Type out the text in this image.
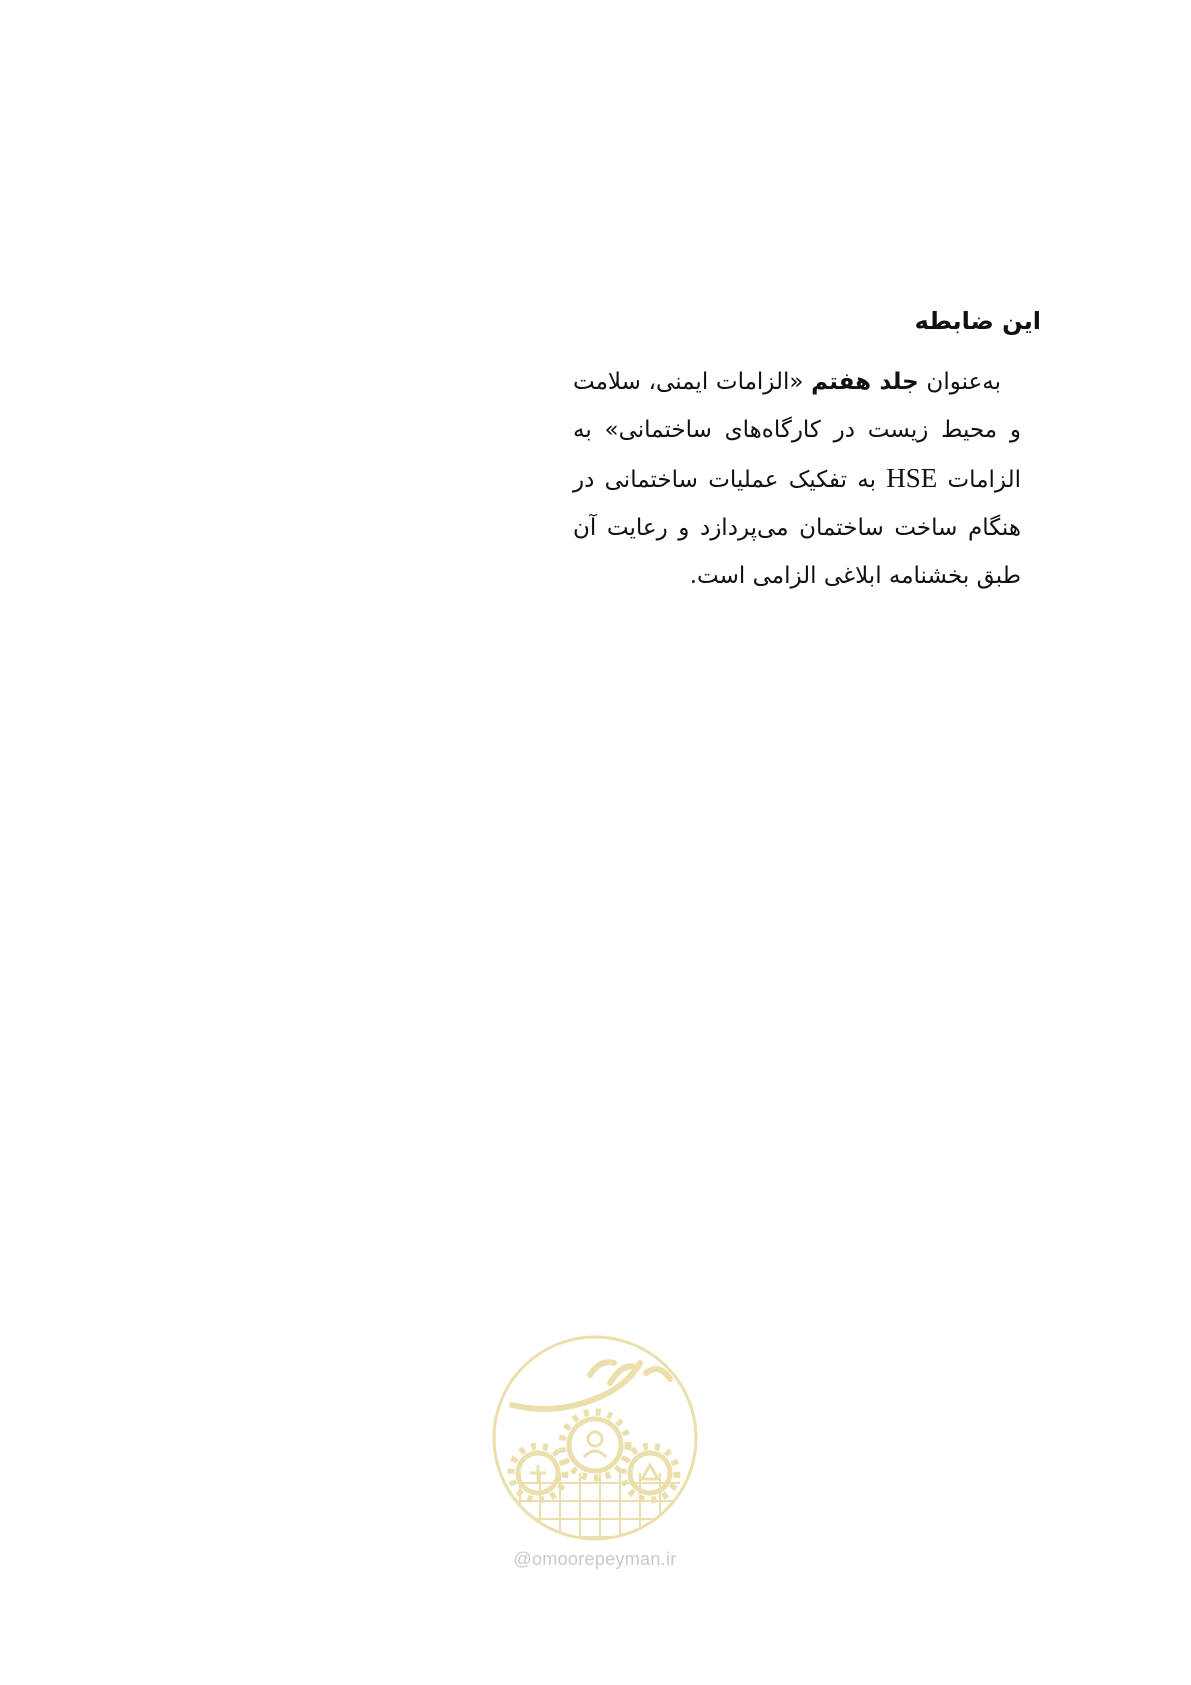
این ضابطه

به‌عنوان جلد هفتم «الزامات ایمنی، سلامت و محیط زیست در کارگاه‌های ساختمانی» به الزامات HSE به تفکیک عملیات ساختمانی در هنگام ساخت ساختمان می‌پردازد و رعایت آن طبق بخشنامه ابلاغی الزامی است.

@omoorepeyman.ir
